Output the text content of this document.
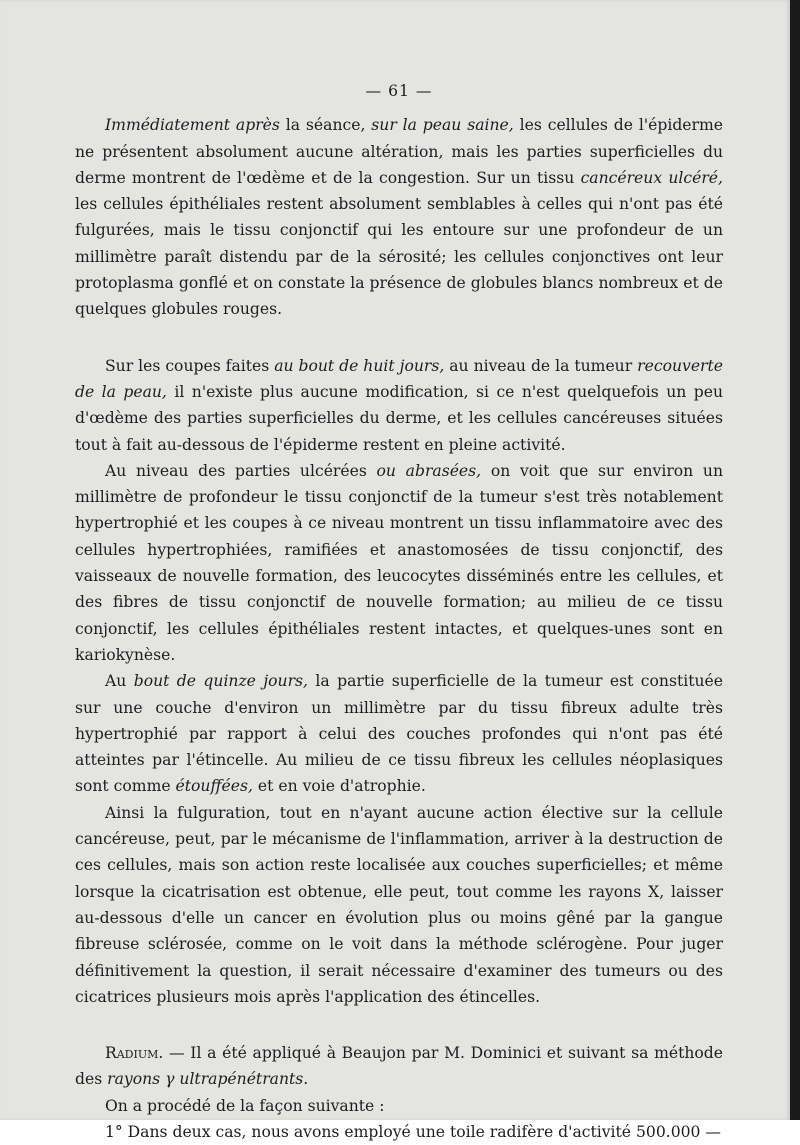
— 61 —

Immédiatement après la séance, sur la peau saine, les cellules de l'épiderme ne présentent absolument aucune altération, mais les parties superficielles du derme montrent de l'œdème et de la congestion. Sur un tissu cancéreux ulcéré, les cellules épithéliales restent absolument semblables à celles qui n'ont pas été fulgurées, mais le tissu conjonctif qui les entoure sur une profondeur de un millimètre paraît distendu par de la sérosité; les cellules conjonctives ont leur protoplasma gonflé et on constate la présence de globules blancs nombreux et de quelques globules rouges.

Sur les coupes faites au bout de huit jours, au niveau de la tumeur recouverte de la peau, il n'existe plus aucune modification, si ce n'est quelquefois un peu d'œdème des parties superficielles du derme, et les cellules cancéreuses situées tout à fait au-dessous de l'épiderme restent en pleine activité.

Au niveau des parties ulcérées ou abrasées, on voit que sur environ un millimètre de profondeur le tissu conjonctif de la tumeur s'est très notablement hypertrophié et les coupes à ce niveau montrent un tissu inflammatoire avec des cellules hypertrophiées, ramifiées et anastomosées de tissu conjonctif, des vaisseaux de nouvelle formation, des leucocytes disséminés entre les cellules, et des fibres de tissu conjonctif de nouvelle formation; au milieu de ce tissu conjonctif, les cellules épithéliales restent intactes, et quelques-unes sont en kariokynèse.

Au bout de quinze jours, la partie superficielle de la tumeur est constituée sur une couche d'environ un millimètre par du tissu fibreux adulte très hypertrophié par rapport à celui des couches profondes qui n'ont pas été atteintes par l'étincelle. Au milieu de ce tissu fibreux les cellules néoplasiques sont comme étouffées, et en voie d'atrophie.

Ainsi la fulguration, tout en n'ayant aucune action élective sur la cellule cancéreuse, peut, par le mécanisme de l'inflammation, arriver à la destruction de ces cellules, mais son action reste localisée aux couches superficielles; et même lorsque la cicatrisation est obtenue, elle peut, tout comme les rayons X, laisser au-dessous d'elle un cancer en évolution plus ou moins gêné par la gangue fibreuse sclérosée, comme on le voit dans la méthode sclérogène. Pour juger définitivement la question, il serait nécessaire d'examiner des tumeurs ou des cicatrices plusieurs mois après l'application des étincelles.

Radium. — Il a été appliqué à Beaujon par M. Dominici et suivant sa méthode des rayons γ ultrapénétrants.

On a procédé de la façon suivante :

1° Dans deux cas, nous avons employé une toile radifère d'activité 500.000 —
